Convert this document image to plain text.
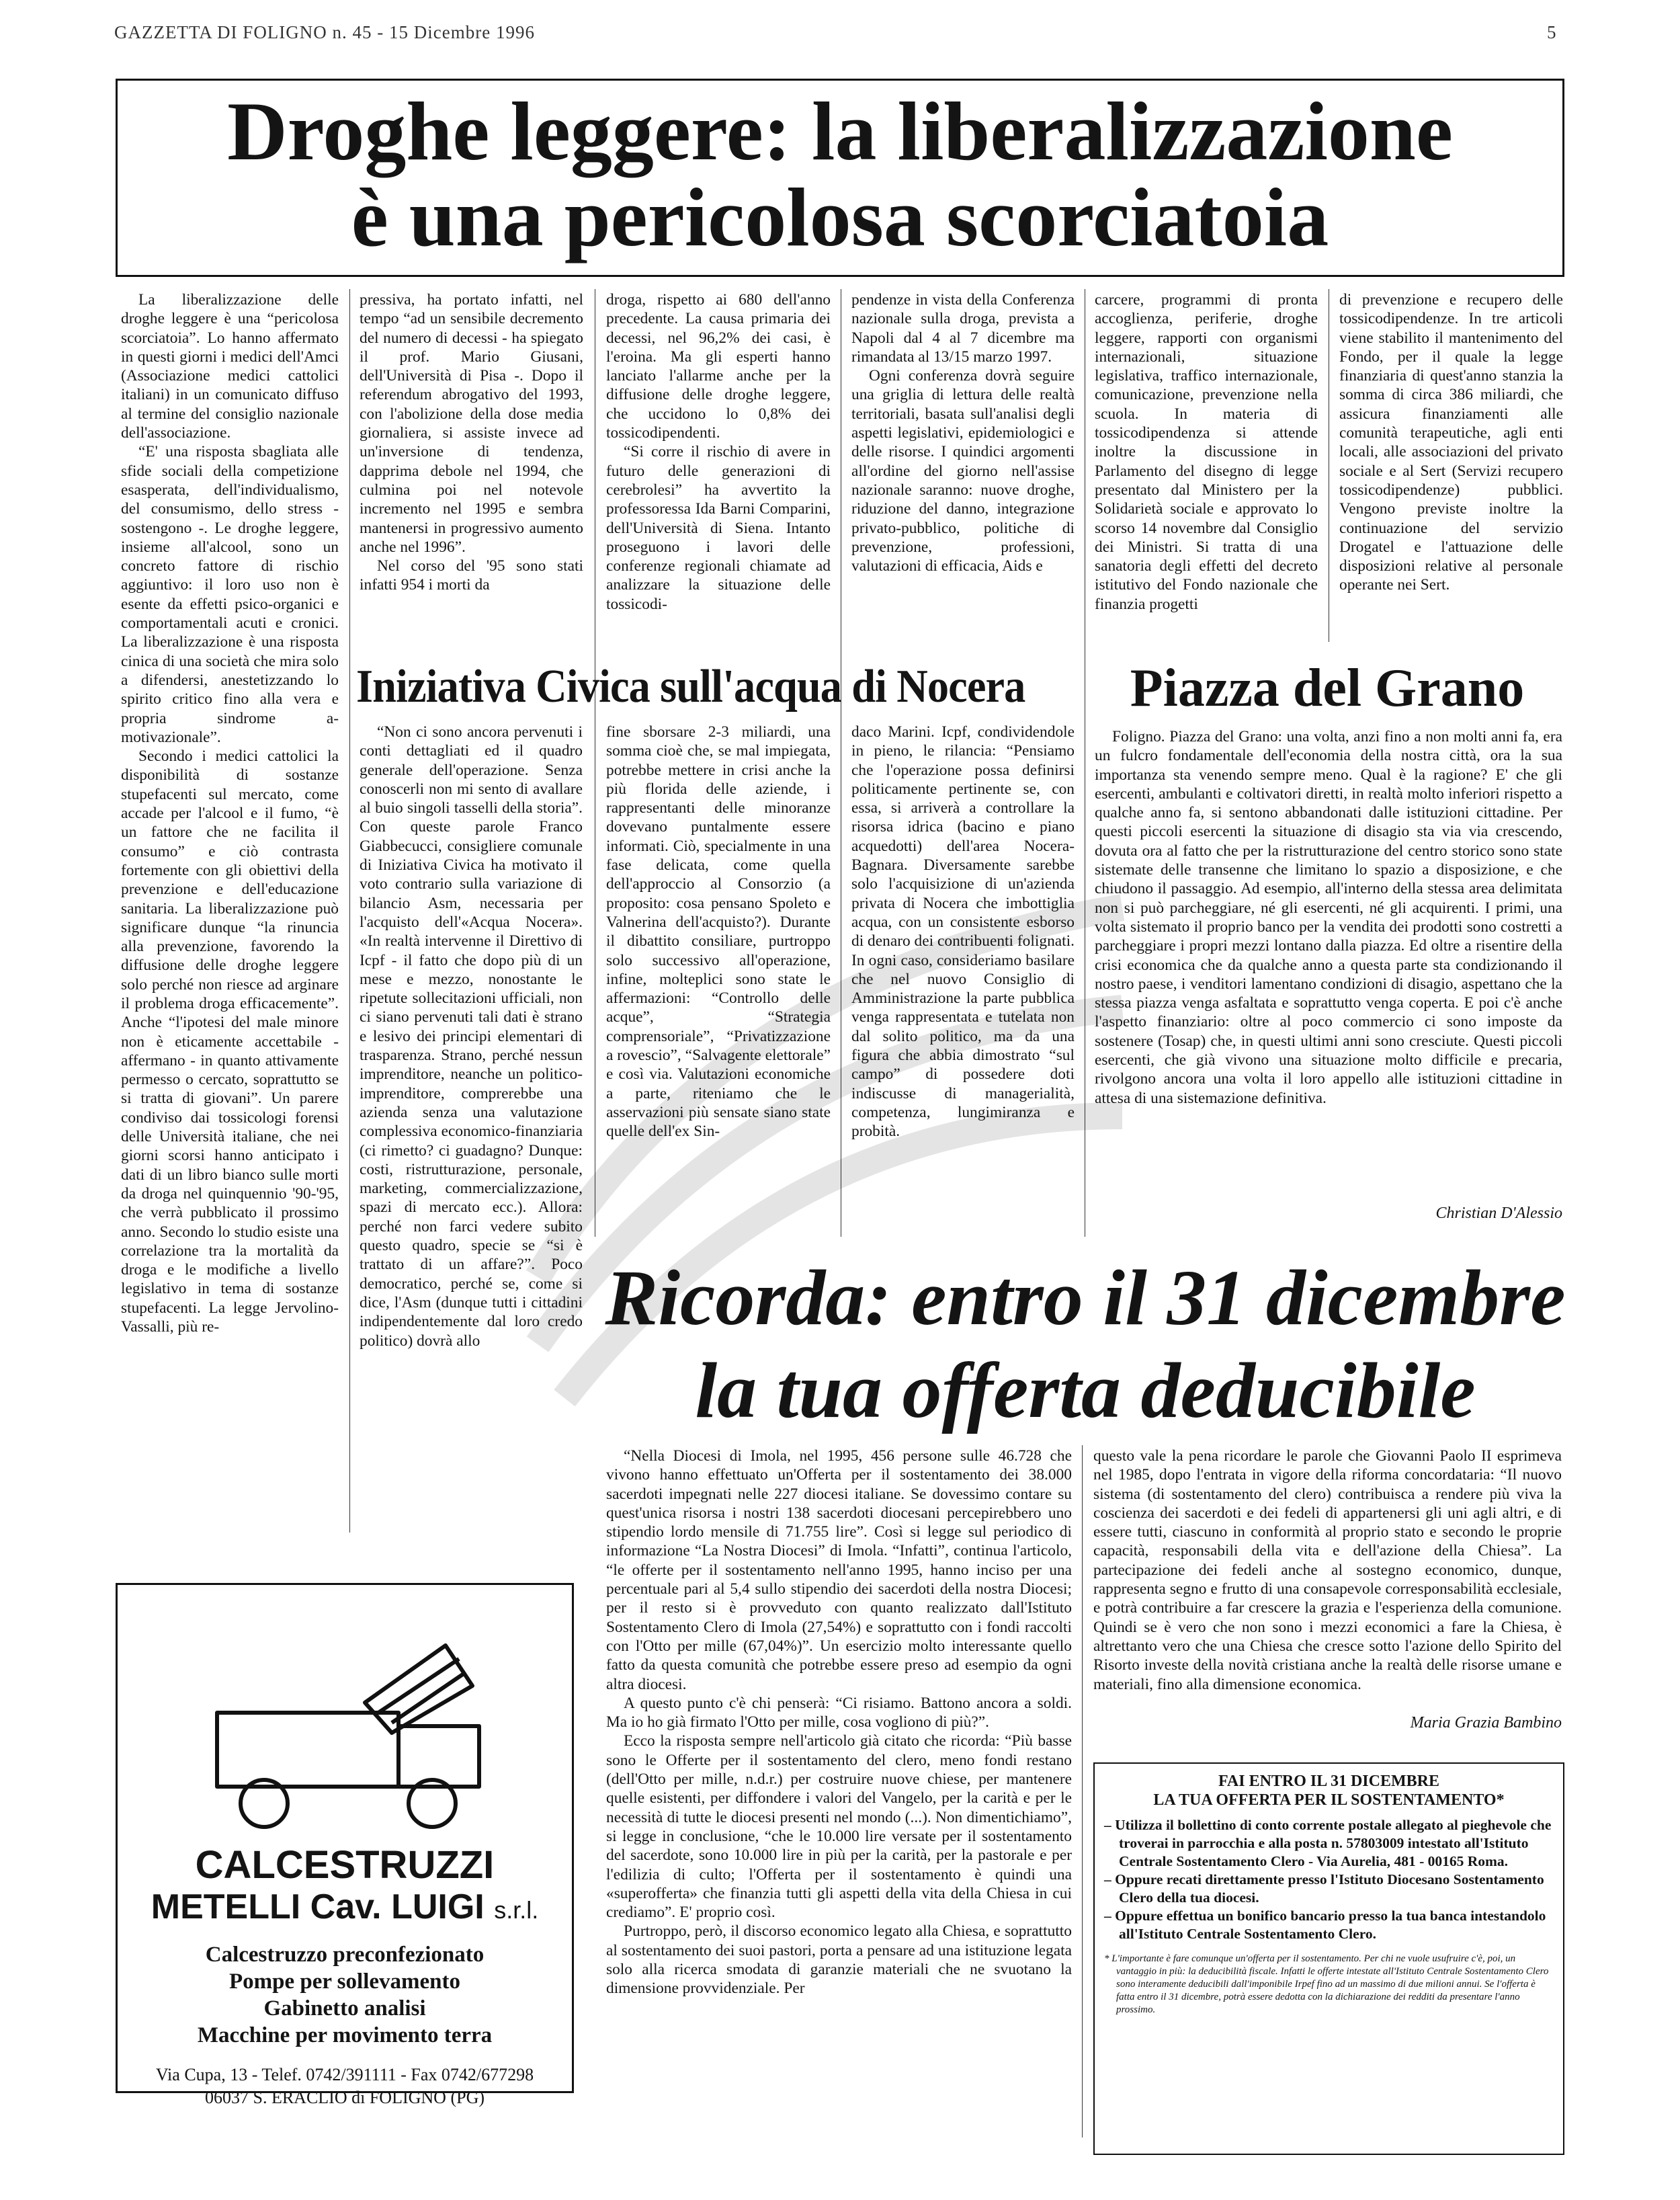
GAZZETTA DI FOLIGNO n. 45 - 15 Dicembre 1996	5
Droghe leggere: la liberalizzazione
è una pericolosa scorciatoia

La liberalizzazione delle droghe leggere è una “pericolosa scorciatoia”. Lo hanno affermato in questi giorni i medici dell'Amci (Associazione medici cattolici italiani) in un comunicato diffuso al termine del consiglio nazionale dell'associazione.

“E' una risposta sbagliata alle sfide sociali della competizione esasperata, dell'individualismo, del consumismo, dello stress - sostengono -. Le droghe leggere, insieme all'alcool, sono un concreto fattore di rischio aggiuntivo: il loro uso non è esente da effetti psico-organici e comportamentali acuti e cronici. La liberalizzazione è una risposta cinica di una società che mira solo a difendersi, anestetizzando lo spirito critico fino alla vera e propria sindrome a-motivazionale”.

Secondo i medici cattolici la disponibilità di sostanze stupefacenti sul mercato, come accade per l'alcool e il fumo, “è un fattore che ne facilita il consumo” e ciò contrasta fortemente con gli obiettivi della prevenzione e dell'educazione sanitaria. La liberalizzazione può significare dunque “la rinuncia alla prevenzione, favorendo la diffusione delle droghe leggere solo perché non riesce ad arginare il problema droga efficacemente”. Anche “l'ipotesi del male minore non è eticamente accettabile - affermano - in quanto attivamente permesso o cercato, soprattutto se si tratta di giovani”. Un parere condiviso dai tossicologi forensi delle Università italiane, che nei giorni scorsi hanno anticipato i dati di un libro bianco sulle morti da droga nel quinquennio '90-'95, che verrà pubblicato il prossimo anno. Secondo lo studio esiste una correlazione tra la mortalità da droga e le modifiche a livello legislativo in tema di sostanze stupefacenti. La legge Jervolino-Vassalli, più re-

pressiva, ha portato infatti, nel tempo “ad un sensibile decremento del numero di decessi - ha spiegato il prof. Mario Giusani, dell'Università di Pisa -. Dopo il referendum abrogativo del 1993, con l'abolizione della dose media giornaliera, si assiste invece ad un'inversione di tendenza, dapprima debole nel 1994, che culmina poi nel notevole incremento nel 1995 e sembra mantenersi in progressivo aumento anche nel 1996”.

Nel corso del '95 sono stati infatti 954 i morti da

droga, rispetto ai 680 dell'anno precedente. La causa primaria dei decessi, nel 96,2% dei casi, è l'eroina. Ma gli esperti hanno lanciato l'allarme anche per la diffusione delle droghe leggere, che uccidono lo 0,8% dei tossicodipendenti.

“Si corre il rischio di avere in futuro delle generazioni di cerebrolesi” ha avvertito la professoressa Ida Barni Comparini, dell'Università di Siena. Intanto proseguono i lavori delle conferenze regionali chiamate ad analizzare la situazione delle tossicodi-

pendenze in vista della Conferenza nazionale sulla droga, prevista a Napoli dal 4 al 7 dicembre ma rimandata al 13/15 marzo 1997.

Ogni conferenza dovrà seguire una griglia di lettura delle realtà territoriali, basata sull'analisi degli aspetti legislativi, epidemiologici e delle risorse. I quindici argomenti all'ordine del giorno nell'assise nazionale saranno: nuove droghe, riduzione del danno, integrazione privato-pubblico, politiche di prevenzione, professioni, valutazioni di efficacia, Aids e

carcere, programmi di pronta accoglienza, periferie, droghe leggere, rapporti con organismi internazionali, situazione legislativa, traffico internazionale, comunicazione, prevenzione nella scuola. In materia di tossicodipendenza si attende inoltre la discussione in Parlamento del disegno di legge presentato dal Ministero per la Solidarietà sociale e approvato lo scorso 14 novembre dal Consiglio dei Ministri. Si tratta di una sanatoria degli effetti del decreto istitutivo del Fondo nazionale che finanzia progetti

di prevenzione e recupero delle tossicodipendenze. In tre articoli viene stabilito il mantenimento del Fondo, per il quale la legge finanziaria di quest'anno stanzia la somma di circa 386 miliardi, che assicura finanziamenti alle comunità terapeutiche, agli enti locali, alle associazioni del privato sociale e al Sert (Servizi recupero tossicodipendenze) pubblici. Vengono previste inoltre la continuazione del servizio Drogatel e l'attuazione delle disposizioni relative al personale operante nei Sert.

Iniziativa Civica sull'acqua di Nocera

“Non ci sono ancora pervenuti i conti dettagliati ed il quadro generale dell'operazione. Senza conoscerli non mi sento di avallare al buio singoli tasselli della storia”. Con queste parole Franco Giabbecucci, consigliere comunale di Iniziativa Civica ha motivato il voto contrario sulla variazione di bilancio Asm, necessaria per l'acquisto dell'«Acqua Nocera». «In realtà intervenne il Direttivo di Icpf - il fatto che dopo più di un mese e mezzo, nonostante le ripetute sollecitazioni ufficiali, non ci siano pervenuti tali dati è strano e lesivo dei principi elementari di trasparenza. Strano, perché nessun imprenditore, neanche un politico-imprenditore, comprerebbe una azienda senza una valutazione complessiva economico-finanziaria (ci rimetto? ci guadagno? Dunque: costi, ristrutturazione, personale, marketing, commercializzazione, spazi di mercato ecc.). Allora: perché non farci vedere subito questo quadro, specie se “si è trattato di un affare?”. Poco democratico, perché se, come si dice, l'Asm (dunque tutti i cittadini indipendentemente dal loro credo politico) dovrà allo

fine sborsare 2-3 miliardi, una somma cioè che, se mal impiegata, potrebbe mettere in crisi anche la più florida delle aziende, i rappresentanti delle minoranze dovevano puntalmente essere informati. Ciò, specialmente in una fase delicata, come quella dell'approccio al Consorzio (a proposito: cosa pensano Spoleto e Valnerina dell'acquisto?). Durante il dibattito consiliare, purtroppo solo successivo all'operazione, infine, molteplici sono state le affermazioni: “Controllo delle acque”, “Strategia comprensoriale”, “Privatizzazione a rovescio”, “Salvagente elettorale” e così via. Valutazioni economiche a parte, riteniamo che le asservazioni più sensate siano state quelle dell'ex Sin-

daco Marini. Icpf, condividendole in pieno, le rilancia: “Pensiamo che l'operazione possa definirsi politicamente pertinente se, con essa, si arriverà a controllare la risorsa idrica (bacino e piano acquedotti) dell'area Nocera-Bagnara. Diversamente sarebbe solo l'acquisizione di un'azienda privata di Nocera che imbottiglia acqua, con un consistente esborso di denaro dei contribuenti folignati. In ogni caso, consideriamo basilare che nel nuovo Consiglio di Amministrazione la parte pubblica venga rappresentata e tutelata non dal solito politico, ma da una figura che abbia dimostrato “sul campo” di possedere doti indiscusse di managerialità, competenza, lungimiranza e probità.

Piazza del Grano

Foligno. Piazza del Grano: una volta, anzi fino a non molti anni fa, era un fulcro fondamentale dell'economia della nostra città, ora la sua importanza sta venendo sempre meno. Qual è la ragione? E' che gli esercenti, ambulanti e coltivatori diretti, in realtà molto inferiori rispetto a qualche anno fa, si sentono abbandonati dalle istituzioni cittadine. Per questi piccoli esercenti la situazione di disagio sta via via crescendo, dovuta ora al fatto che per la ristrutturazione del centro storico sono state sistemate delle transenne che limitano lo spazio a disposizione, e che chiudono il passaggio. Ad esempio, all'interno della stessa area delimitata non si può parcheggiare, né gli esercenti, né gli acquirenti. I primi, una volta sistemato il proprio banco per la vendita dei prodotti sono costretti a parcheggiare i propri mezzi lontano dalla piazza. Ed oltre a risentire della crisi economica che da qualche anno a questa parte sta condizionando il nostro paese, i venditori lamentano condizioni di disagio, aspettano che la stessa piazza venga asfaltata e soprattutto venga coperta. E poi c'è anche l'aspetto finanziario: oltre al poco commercio ci sono imposte da sostenere (Tosap) che, in questi ultimi anni sono cresciute. Questi piccoli esercenti, che già vivono una situazione molto difficile e precaria, rivolgono ancora una volta il loro appello alle istituzioni cittadine in attesa di una sistemazione definitiva.

Christian D'Alessio
Ricorda: entro il 31 dicembre
la tua offerta deducibile

“Nella Diocesi di Imola, nel 1995, 456 persone sulle 46.728 che vivono hanno effettuato un'Offerta per il sostentamento dei 38.000 sacerdoti impegnati nelle 227 diocesi italiane. Se dovessimo contare su quest'unica risorsa i nostri 138 sacerdoti diocesani percepirebbero uno stipendio lordo mensile di 71.755 lire”. Così si legge sul periodico di informazione “La Nostra Diocesi” di Imola. “Infatti”, continua l'articolo, “le offerte per il sostentamento nell'anno 1995, hanno inciso per una percentuale pari al 5,4 sullo stipendio dei sacerdoti della nostra Diocesi; per il resto si è provveduto con quanto realizzato dall'Istituto Sostentamento Clero di Imola (27,54%) e soprattutto con i fondi raccolti con l'Otto per mille (67,04%)”. Un esercizio molto interessante quello fatto da questa comunità che potrebbe essere preso ad esempio da ogni altra diocesi.

A questo punto c'è chi penserà: “Ci risiamo. Battono ancora a soldi. Ma io ho già firmato l'Otto per mille, cosa vogliono di più?”.

Ecco la risposta sempre nell'articolo già citato che ricorda: “Più basse sono le Offerte per il sostentamento del clero, meno fondi restano (dell'Otto per mille, n.d.r.) per costruire nuove chiese, per mantenere quelle esistenti, per diffondere i valori del Vangelo, per la carità e per le necessità di tutte le diocesi presenti nel mondo (...). Non dimentichiamo”, si legge in conclusione, “che le 10.000 lire versate per il sostentamento del sacerdote, sono 10.000 lire in più per la carità, per la pastorale e per l'edilizia di culto; l'Offerta per il sostentamento è quindi una «superofferta» che finanzia tutti gli aspetti della vita della Chiesa in cui crediamo”. E' proprio così.

Purtroppo, però, il discorso economico legato alla Chiesa, e soprattutto al sostentamento dei suoi pastori, porta a pensare ad una istituzione legata solo alla ricerca smodata di garanzie materiali che ne svuotano la dimensione provvidenziale. Per

questo vale la pena ricordare le parole che Giovanni Paolo II esprimeva nel 1985, dopo l'entrata in vigore della riforma concordataria: “Il nuovo sistema (di sostentamento del clero) contribuisca a rendere più viva la coscienza dei sacerdoti e dei fedeli di appartenersi gli uni agli altri, e di essere tutti, ciascuno in conformità al proprio stato e secondo le proprie capacità, responsabili della vita e dell'azione della Chiesa”. La partecipazione dei fedeli anche al sostegno economico, dunque, rappresenta segno e frutto di una consapevole corresponsabilità ecclesiale, e potrà contribuire a far crescere la grazia e l'esperienza della comunione. Quindi se è vero che non sono i mezzi economici a fare la Chiesa, è altrettanto vero che una Chiesa che cresce sotto l'azione dello Spirito del Risorto investe della novità cristiana anche la realtà delle risorse umane e materiali, fino alla dimensione economica.

Maria Grazia Bambino
FAI ENTRO IL 31 DICEMBRE
LA TUA OFFERTA PER IL SOSTENTAMENTO*
– Utilizza il bollettino di conto corrente postale allegato al pieghevole che troverai in parrocchia e alla posta n. 57803009 intestato all'Istituto Centrale Sostentamento Clero - Via Aurelia, 481 - 00165 Roma.
– Oppure recati direttamente presso l'Istituto Diocesano Sostentamento Clero della tua diocesi.
– Oppure effettua un bonifico bancario presso la tua banca intestandolo all'Istituto Centrale Sostentamento Clero.
* L'importante è fare comunque un'offerta per il sostentamento. Per chi ne vuole usufruire c'è, poi, un vantaggio in più: la deducibilità fiscale. Infatti le offerte intestate all'Istituto Centrale Sostentamento Clero sono interamente deducibili dall'imponibile Irpef fino ad un massimo di due milioni annui. Se l'offerta è fatta entro il 31 dicembre, potrà essere dedotta con la dichiarazione dei redditi da presentare l'anno prossimo.
CALCESTRUZZI
METELLI Cav. LUIGI s.r.l.
Calcestruzzo preconfezionato
Pompe per sollevamento
Gabinetto analisi
Macchine per movimento terra
Via Cupa, 13 - Telef. 0742/391111 - Fax 0742/677298
06037 S. ERACLIO di FOLIGNO (PG)
